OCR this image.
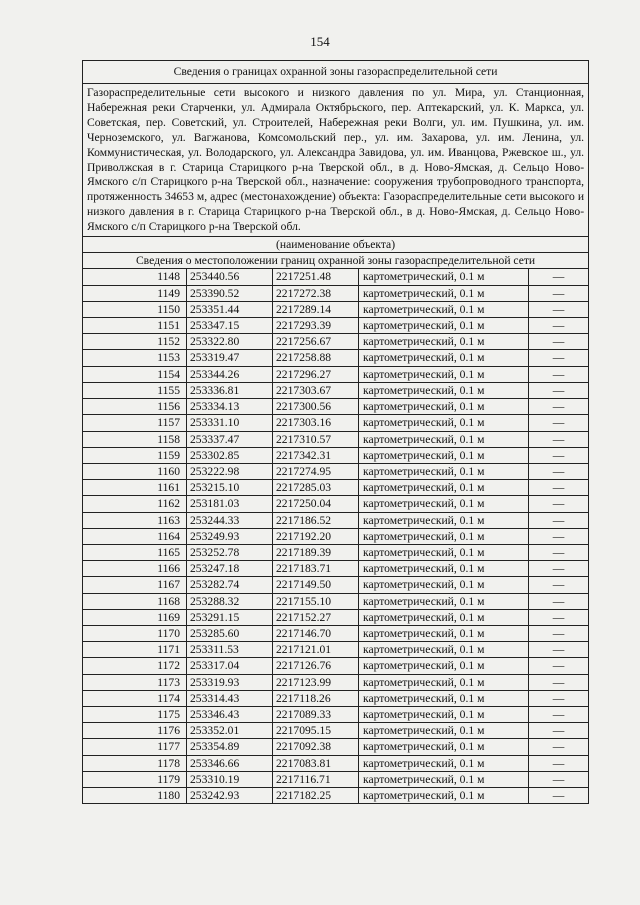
154
Сведения о границах охранной зоны газораспределительной сети				
Газораспределительные сети высокого и низкого давления по ул. Мира, ул. Станционная, Набережная реки Старченки, ул. Адмирала Октябрьского, пер. Аптекарский, ул. К. Маркса, ул. Советская, пер. Советский, ул. Строителей, Набережная реки Волги, ул. им. Пушкина, ул. им. Черноземского, ул. Вагжанова, Комсомольский пер., ул. им. Захарова, ул. им. Ленина, ул. Коммунистическая, ул. Володарского, ул. Александра Завидова, ул. им. Иванцова, Ржевское ш., ул. Приволжская в г. Старица Старицкого р-на Тверской обл., в д. Ново-Ямская, д. Сельцо Ново-Ямского с/п Старицкого р-на Тверской обл., назначение: сооружения трубопроводного транспорта, протяженность 34653 м, адрес (местонахождение) объекта: Газораспределительные сети высокого и низкого давления в г. Старица Старицкого р-на Тверской обл., в д. Ново-Ямская, д. Сельцо Ново-Ямского с/п Старицкого р-на Тверской обл.				
(наименование объекта)				
Сведения о местоположении границ охранной зоны газораспределительной сети				
1148	253440.56	2217251.48	картометрический, 0.1 м	—
1149	253390.52	2217272.38	картометрический, 0.1 м	—
1150	253351.44	2217289.14	картометрический, 0.1 м	—
1151	253347.15	2217293.39	картометрический, 0.1 м	—
1152	253322.80	2217256.67	картометрический, 0.1 м	—
1153	253319.47	2217258.88	картометрический, 0.1 м	—
1154	253344.26	2217296.27	картометрический, 0.1 м	—
1155	253336.81	2217303.67	картометрический, 0.1 м	—
1156	253334.13	2217300.56	картометрический, 0.1 м	—
1157	253331.10	2217303.16	картометрический, 0.1 м	—
1158	253337.47	2217310.57	картометрический, 0.1 м	—
1159	253302.85	2217342.31	картометрический, 0.1 м	—
1160	253222.98	2217274.95	картометрический, 0.1 м	—
1161	253215.10	2217285.03	картометрический, 0.1 м	—
1162	253181.03	2217250.04	картометрический, 0.1 м	—
1163	253244.33	2217186.52	картометрический, 0.1 м	—
1164	253249.93	2217192.20	картометрический, 0.1 м	—
1165	253252.78	2217189.39	картометрический, 0.1 м	—
1166	253247.18	2217183.71	картометрический, 0.1 м	—
1167	253282.74	2217149.50	картометрический, 0.1 м	—
1168	253288.32	2217155.10	картометрический, 0.1 м	—
1169	253291.15	2217152.27	картометрический, 0.1 м	—
1170	253285.60	2217146.70	картометрический, 0.1 м	—
1171	253311.53	2217121.01	картометрический, 0.1 м	—
1172	253317.04	2217126.76	картометрический, 0.1 м	—
1173	253319.93	2217123.99	картометрический, 0.1 м	—
1174	253314.43	2217118.26	картометрический, 0.1 м	—
1175	253346.43	2217089.33	картометрический, 0.1 м	—
1176	253352.01	2217095.15	картометрический, 0.1 м	—
1177	253354.89	2217092.38	картометрический, 0.1 м	—
1178	253346.66	2217083.81	картометрический, 0.1 м	—
1179	253310.19	2217116.71	картометрический, 0.1 м	—
1180	253242.93	2217182.25	картометрический, 0.1 м	—
